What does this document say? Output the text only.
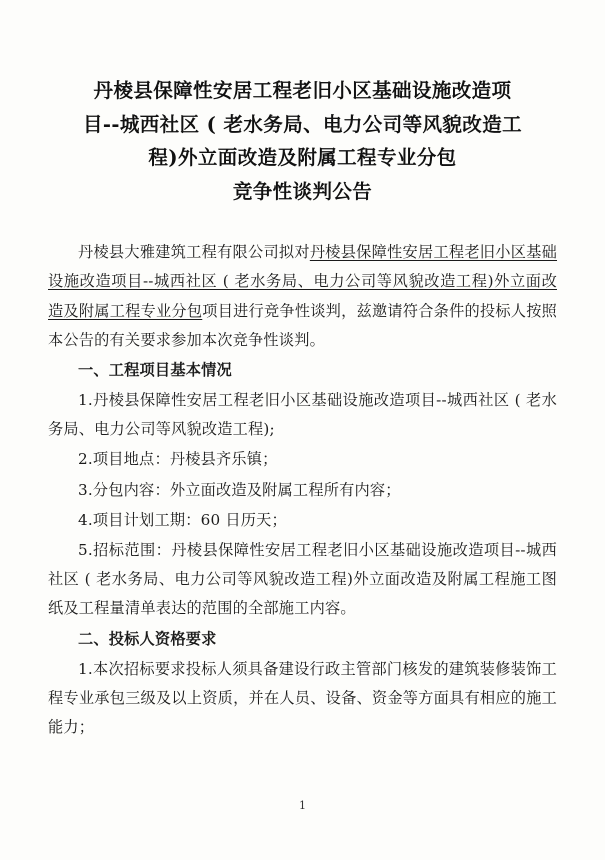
丹棱县保障性安居工程老旧小区基础设施改造项
目--城西社区 ( 老水务局、电力公司等风貌改造工
程)外立面改造及附属工程专业分包
竞争性谈判公告

丹棱县大雅建筑工程有限公司拟对丹棱县保障性安居工程老旧小区基础设施改造项目--城西社区 ( 老水务局、电力公司等风貌改造工程)外立面改造及附属工程专业分包项目进行竞争性谈判，兹邀请符合条件的投标人按照本公告的有关要求参加本次竞争性谈判。

一、工程项目基本情况

1.丹棱县保障性安居工程老旧小区基础设施改造项目--城西社区 ( 老水务局、电力公司等风貌改造工程);

2.项目地点：丹棱县齐乐镇；

3.分包内容：外立面改造及附属工程所有内容；

4.项目计划工期：60 日历天；

5.招标范围：丹棱县保障性安居工程老旧小区基础设施改造项目--城西社区 ( 老水务局、电力公司等风貌改造工程)外立面改造及附属工程施工图纸及工程量清单表达的范围的全部施工内容。

二、投标人资格要求

1.本次招标要求投标人须具备建设行政主管部门核发的建筑装修装饰工程专业承包三级及以上资质，并在人员、设备、资金等方面具有相应的施工能力；

1
